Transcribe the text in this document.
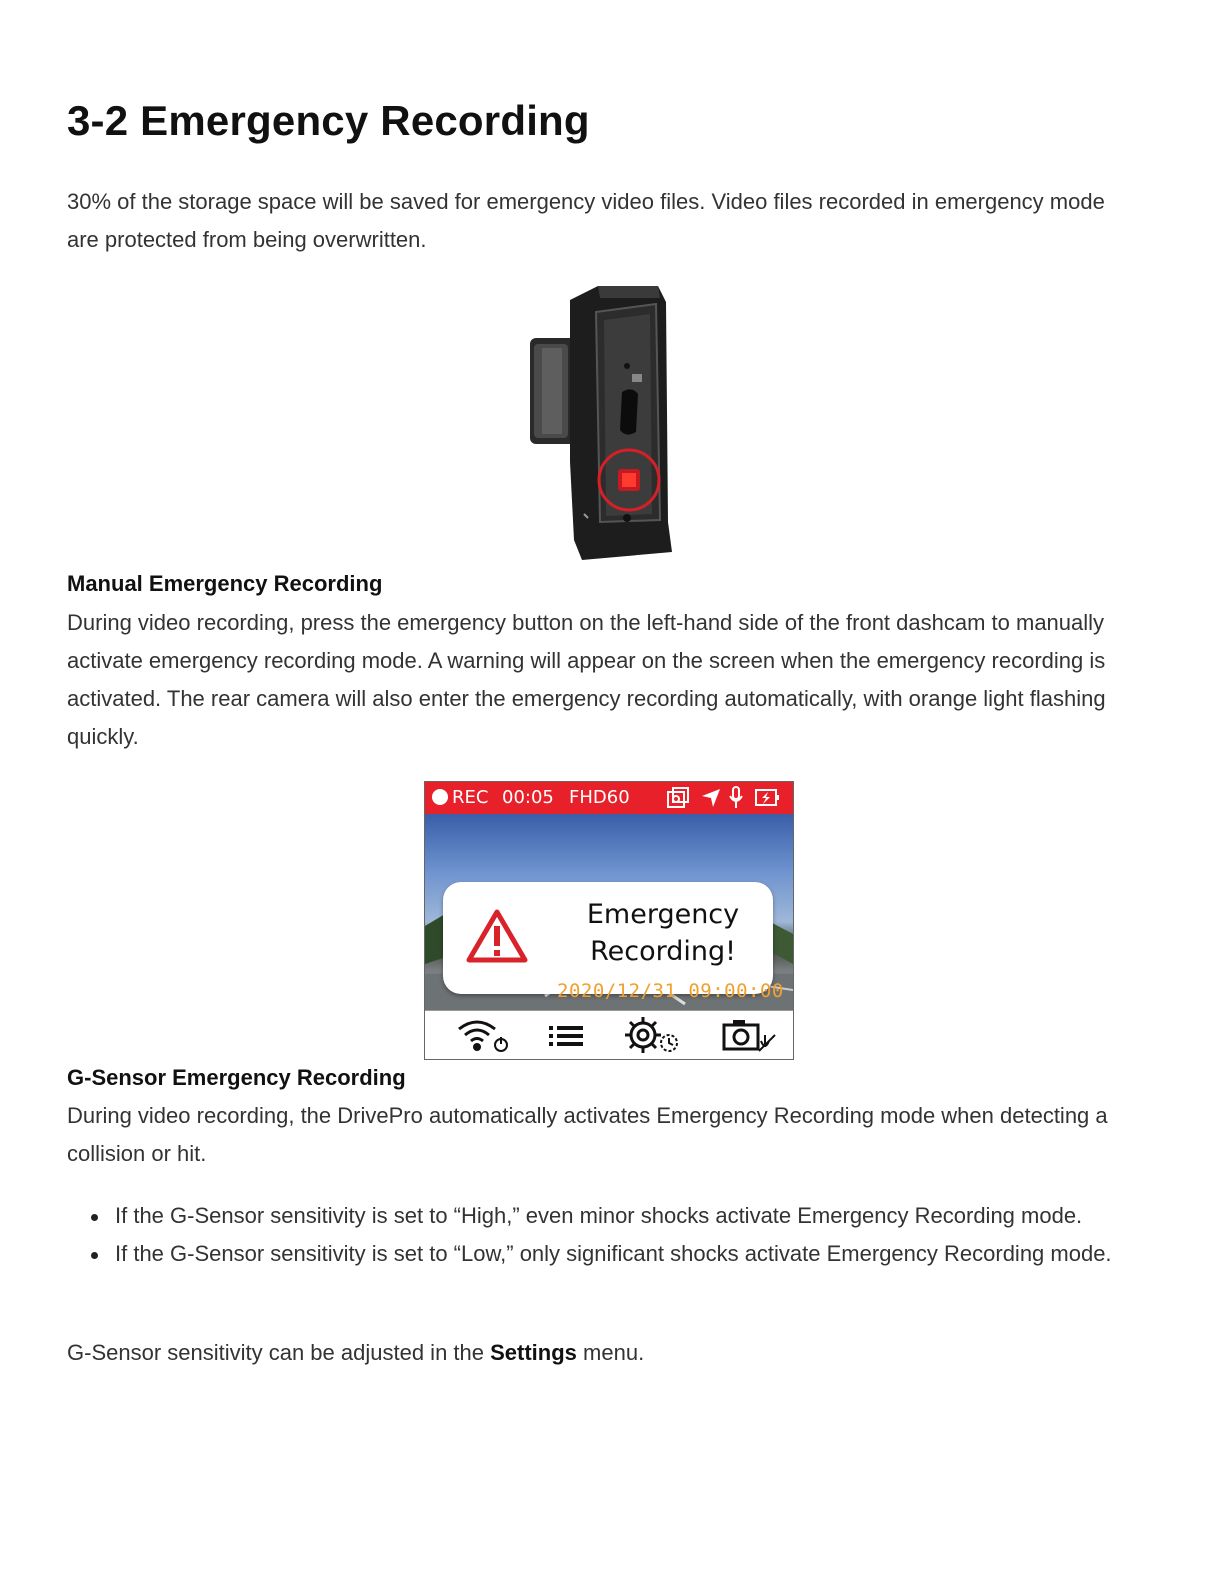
3-2 Emergency Recording
30% of the storage space will be saved for emergency video files. Video files recorded in emergency mode are protected from being overwritten.
Manual Emergency Recording
During video recording, press the emergency button on the left-hand side of the front dashcam to manually activate emergency recording mode. A warning will appear on the screen when the emergency recording is activated. The rear camera will also enter the emergency recording automatically, with orange light flashing quickly.
REC 00:05 FHD60
Emergency
Recording!
2020/12/31 09:00:00
G-Sensor Emergency Recording
During video recording, the DrivePro automatically activates Emergency Recording mode when detecting a collision or hit.
If the G-Sensor sensitivity is set to “High,” even minor shocks activate Emergency Recording mode.
If the G-Sensor sensitivity is set to “Low,” only significant shocks activate Emergency Recording mode.
G-Sensor sensitivity can be adjusted in the Settings menu.
